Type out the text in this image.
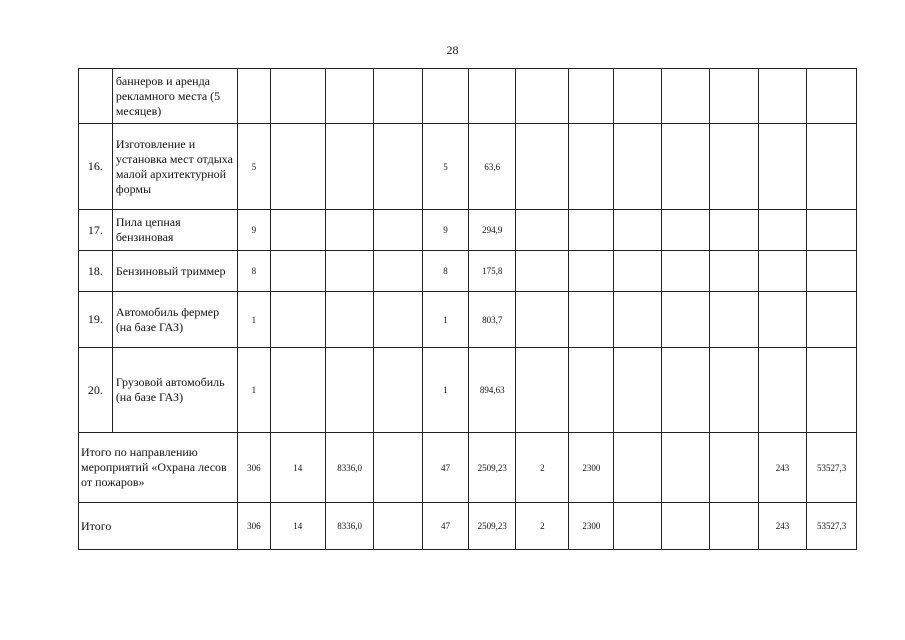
28
	баннеров и аренда рекламного места (5 месяцев)													
16.	Изготовление и установка мест отдыха малой архитектурной формы	5				5	63,6							
17.	Пила цепная бензиновая	9				9	294,9							
18.	Бензиновый триммер	8				8	175,8							
19.	Автомобиль фермер (на базе ГАЗ)	1				1	803,7							
20.	Грузовой автомобиль (на базе ГАЗ)	1				1	894,63							
Итого по направлению мероприятий «Охрана лесов от пожаров»		306	14	8336,0		47	2509,23	2	2300				243	53527,3
Итого		306	14	8336,0		47	2509,23	2	2300				243	53527,3
